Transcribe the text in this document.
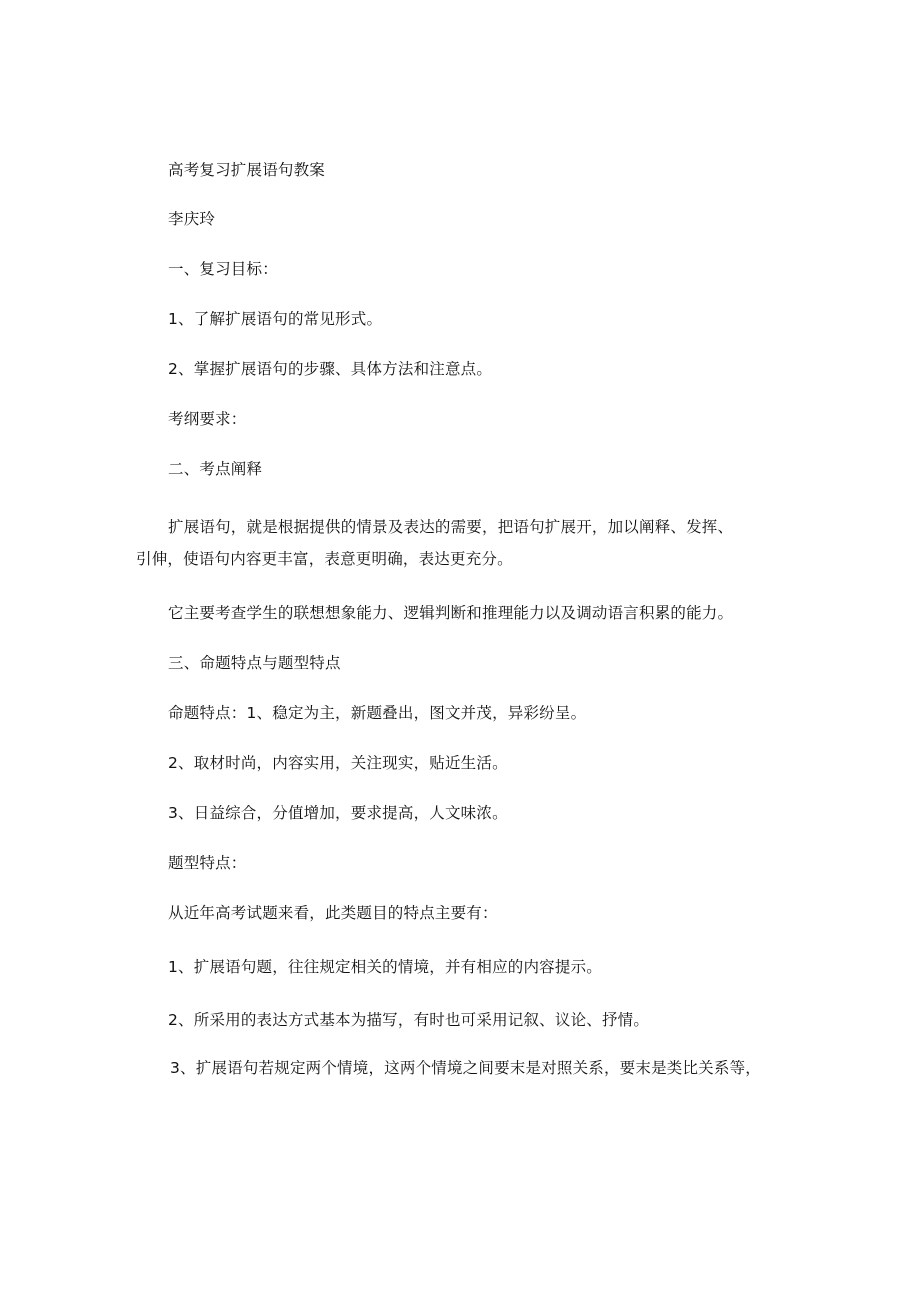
高考复习扩展语句教案
李庆玲
一、复习目标：
1、了解扩展语句的常见形式。
2、掌握扩展语句的步骤、具体方法和注意点。
考纲要求：
二、考点阐释
扩展语句，就是根据提供的情景及表达的需要，把语句扩展开，加以阐释、发挥、
引伸，使语句内容更丰富，表意更明确，表达更充分。
它主要考查学生的联想想象能力、逻辑判断和推理能力以及调动语言积累的能力。
三、命题特点与题型特点
命题特点：1、稳定为主，新题叠出，图文并茂，异彩纷呈。
2、取材时尚，内容实用，关注现实，贴近生活。
3、日益综合，分值增加，要求提高，人文味浓。
题型特点：
从近年高考试题来看，此类题目的特点主要有：
1、扩展语句题，往往规定相关的情境，并有相应的内容提示。
2、所采用的表达方式基本为描写，有时也可采用记叙、议论、抒情。
3、扩展语句若规定两个情境，这两个情境之间要末是对照关系，要末是类比关系等，
